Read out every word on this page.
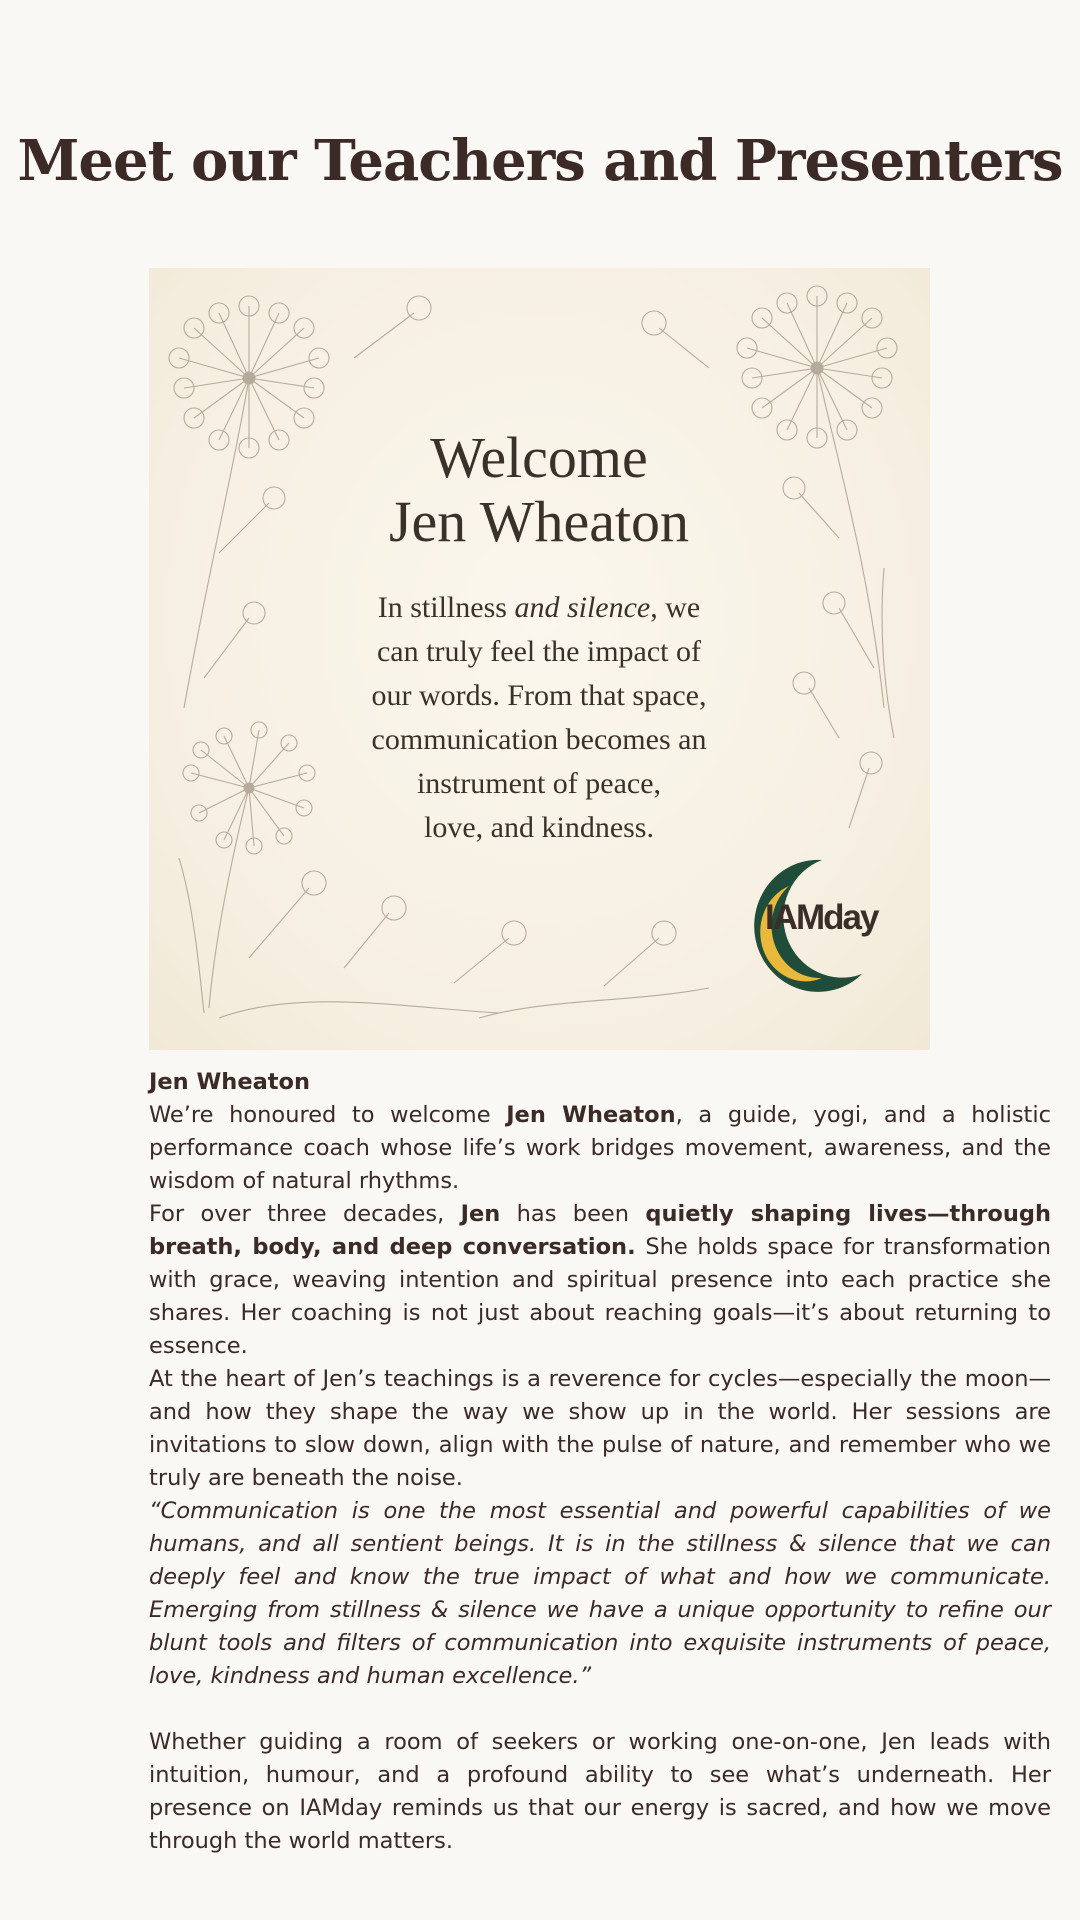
Meet our Teachers and Presenters
Welcome
Jen Wheaton
In stillness and silence, we
can truly feel the impact of
our words. From that space,
communication becomes an
instrument of peace,
love, and kindness.
IAMday

Jen Wheaton

We’re honoured to welcome Jen Wheaton, a guide, yogi, and a holistic performance coach whose life’s work bridges movement, awareness, and the wisdom of natural rhythms.

For over three decades, Jen has been quietly shaping lives—through breath, body, and deep conversation. She holds space for transformation with grace, weaving intention and spiritual presence into each practice she shares. Her coaching is not just about reaching goals—it’s about returning to essence.

At the heart of Jen’s teachings is a reverence for cycles—especially the moon—and how they shape the way we show up in the world. Her sessions are invitations to slow down, align with the pulse of nature, and remember who we truly are beneath the noise.

“Communication is one the most essential and powerful capabilities of we humans, and all sentient beings. It is in the stillness & silence that we can deeply feel and know the true impact of what and how we communicate. Emerging from stillness & silence we have a unique opportunity to refine our blunt tools and filters of communication into exquisite instruments of peace, love, kindness and human excellence.”

Whether guiding a room of seekers or working one-on-one, Jen leads with intuition, humour, and a profound ability to see what’s underneath. Her presence on IAMday reminds us that our energy is sacred, and how we move through the world matters.
